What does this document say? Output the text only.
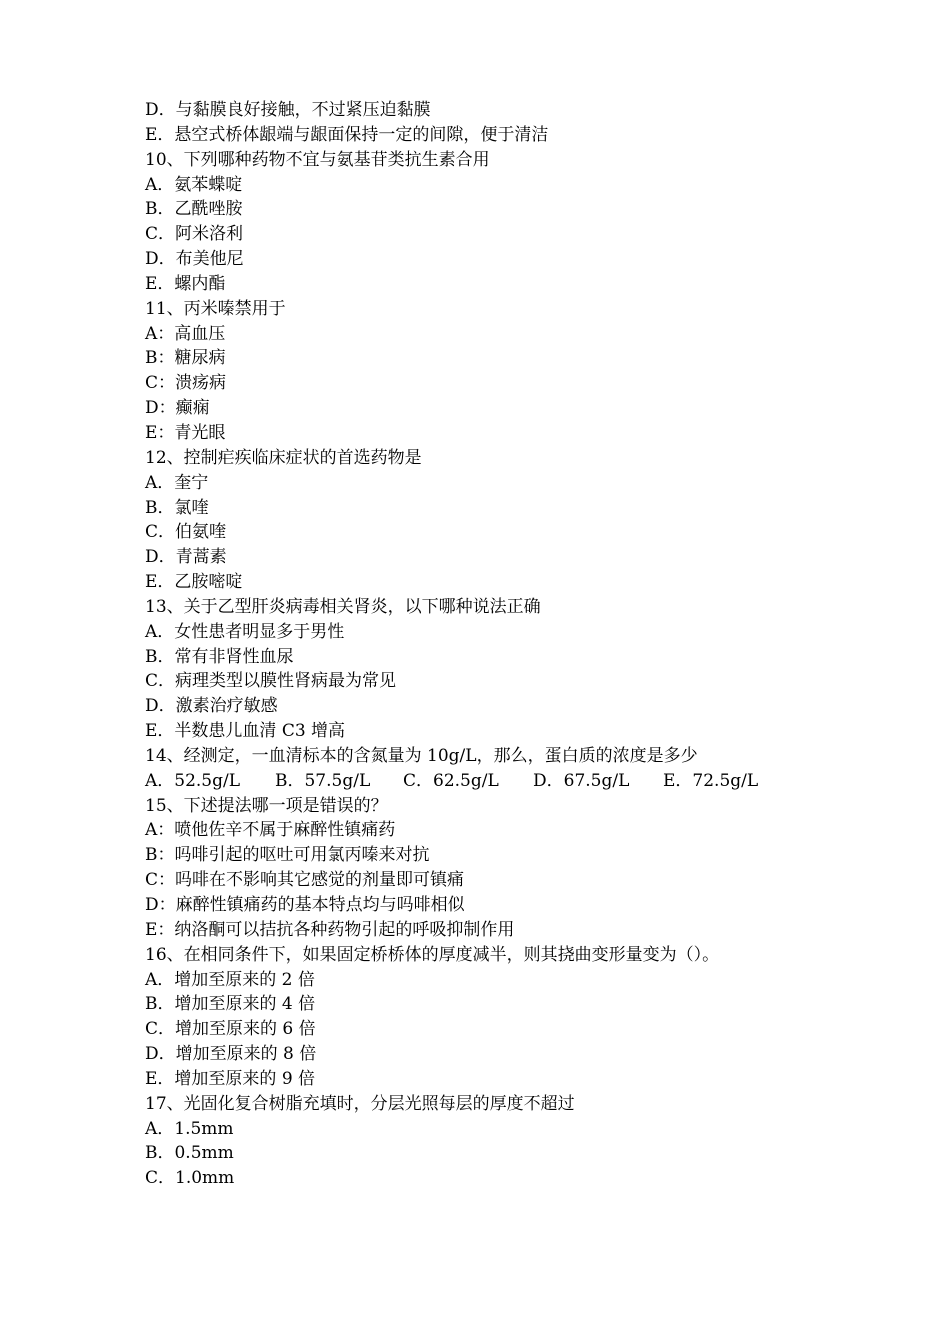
D．与黏膜良好接触，不过紧压迫黏膜
E．悬空式桥体龈端与龈面保持一定的间隙，便于清洁
10、下列哪种药物不宜与氨基苷类抗生素合用
A．氨苯蝶啶
B．乙酰唑胺
C．阿米洛利
D．布美他尼
E．螺内酯
11、丙米嗪禁用于
A：高血压
B：糖尿病
C：溃疡病
D：癫痫
E：青光眼
12、控制疟疾临床症状的首选药物是
A．奎宁
B．氯喹
C．伯氨喹
D．青蒿素
E．乙胺嘧啶
13、关于乙型肝炎病毒相关肾炎，以下哪种说法正确
A．女性患者明显多于男性
B．常有非肾性血尿
C．病理类型以膜性肾病最为常见
D．激素治疗敏感
E．半数患儿血清 C3 增高
14、经测定，一血清标本的含氮量为 10g/L，那么，蛋白质的浓度是多少
A．52.5g/L	B．57.5g/L	C．62.5g/L	D．67.5g/L	E．72.5g/L
15、下述提法哪一项是错误的？
A：喷他佐辛不属于麻醉性镇痛药
B：吗啡引起的呕吐可用氯丙嗪来对抗
C：吗啡在不影响其它感觉的剂量即可镇痛
D：麻醉性镇痛药的基本特点均与吗啡相似
E：纳洛酮可以拮抗各种药物引起的呼吸抑制作用
16、在相同条件下，如果固定桥桥体的厚度减半，则其挠曲变形量变为（）。
A．增加至原来的 2 倍
B．增加至原来的 4 倍
C．增加至原来的 6 倍
D．增加至原来的 8 倍
E．增加至原来的 9 倍
17、光固化复合树脂充填时，分层光照每层的厚度不超过
A．1.5mm
B．0.5mm
C．1.0mm
